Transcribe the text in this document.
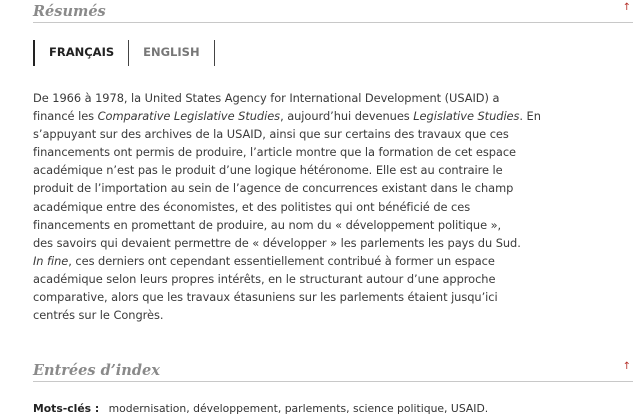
Résumés	↑
FRANÇAIS	ENGLISH

De 1966 à 1978, la United States Agency for International Development (USAID) a
financé les Comparative Legislative Studies, aujourd’hui devenues Legislative Studies. En
s’appuyant sur des archives de la USAID, ainsi que sur certains des travaux que ces
financements ont permis de produire, l’article montre que la formation de cet espace
académique n’est pas le produit d’une logique hétéronome. Elle est au contraire le
produit de l’importation au sein de l’agence de concurrences existant dans le champ
académique entre des économistes, et des politistes qui ont bénéficié de ces
financements en promettant de produire, au nom du « développement politique »,
des savoirs qui devaient permettre de « développer » les parlements les pays du Sud.
In fine, ces derniers ont cependant essentiellement contribué à former un espace
académique selon leurs propres intérêts, en le structurant autour d’une approche
comparative, alors que les travaux étasuniens sur les parlements étaient jusqu’ici
centrés sur le Congrès.

Entrées d’index	↑
Mots-clés : modernisation, développement, parlements, science politique, USAID.
